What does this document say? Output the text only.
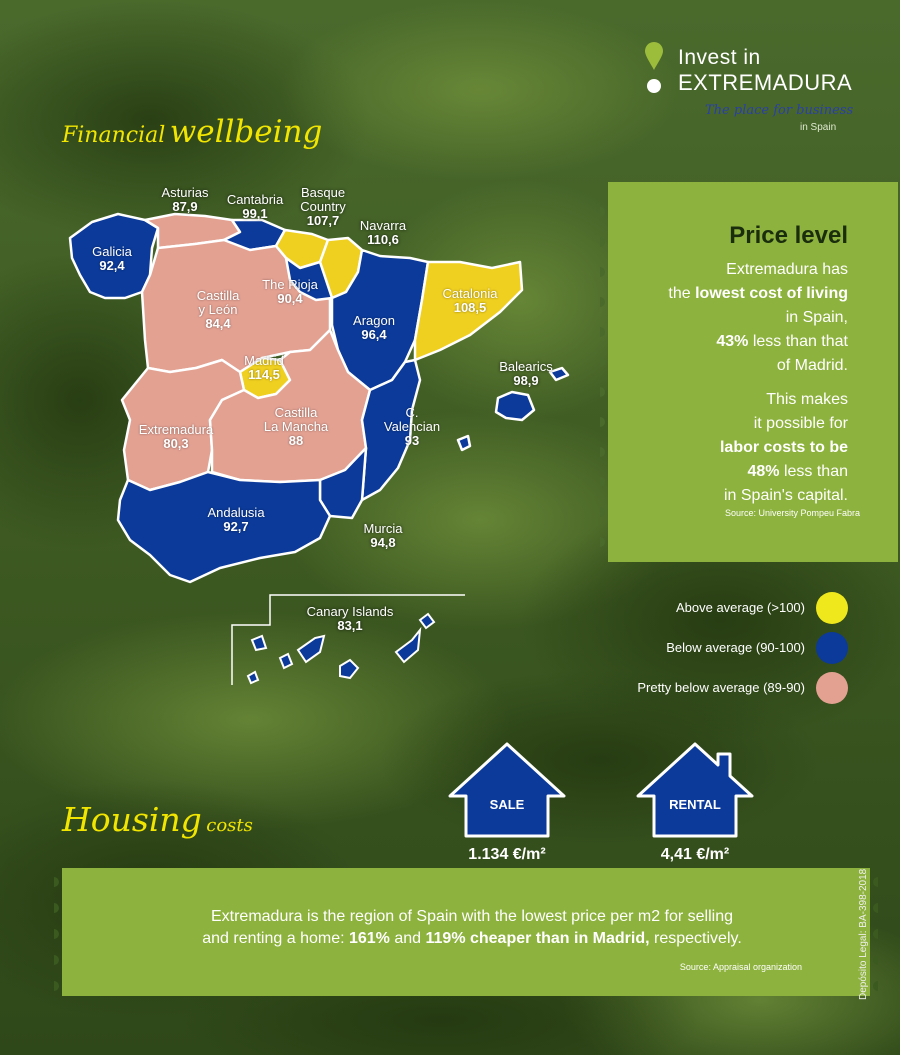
Invest in
EXTREMADURA
The place for business
in Spain
Financial wellbeing
Asturias
87,9	Cantabria
99,1
Basque
Country
107,7	Navarra
110,6
Galicia
92,4
The Rioja
90,4
Castilla
y León
84,4	Aragon
96,4
Catalonia
108,5
Madrid
114,5
Balearics
98,9
Castilla
La Mancha
88
C.
Valencian
93
Extremadura
80,3
Andalusia
92,7	Murcia
94,8
Canary Islands
83,1
Price level
Extremadura has
the lowest cost of living
in Spain,
43% less than that
of Madrid.

This makes
it possible for
labor costs to be
48% less than
in Spain's capital.
Source: University Pompeu Fabra
Above average (>100)
Below average (90-100)
Pretty below average (89-90)
Housing costs
SALE	RENTAL
1.134 €/m²	4,41 €/m²
Extremadura is the region of Spain with the lowest price per m2 for selling
and renting a home: 161% and 119% cheaper than in Madrid, respectively.
Source: Appraisal organization	Depósito Legal: BA-398-2018
